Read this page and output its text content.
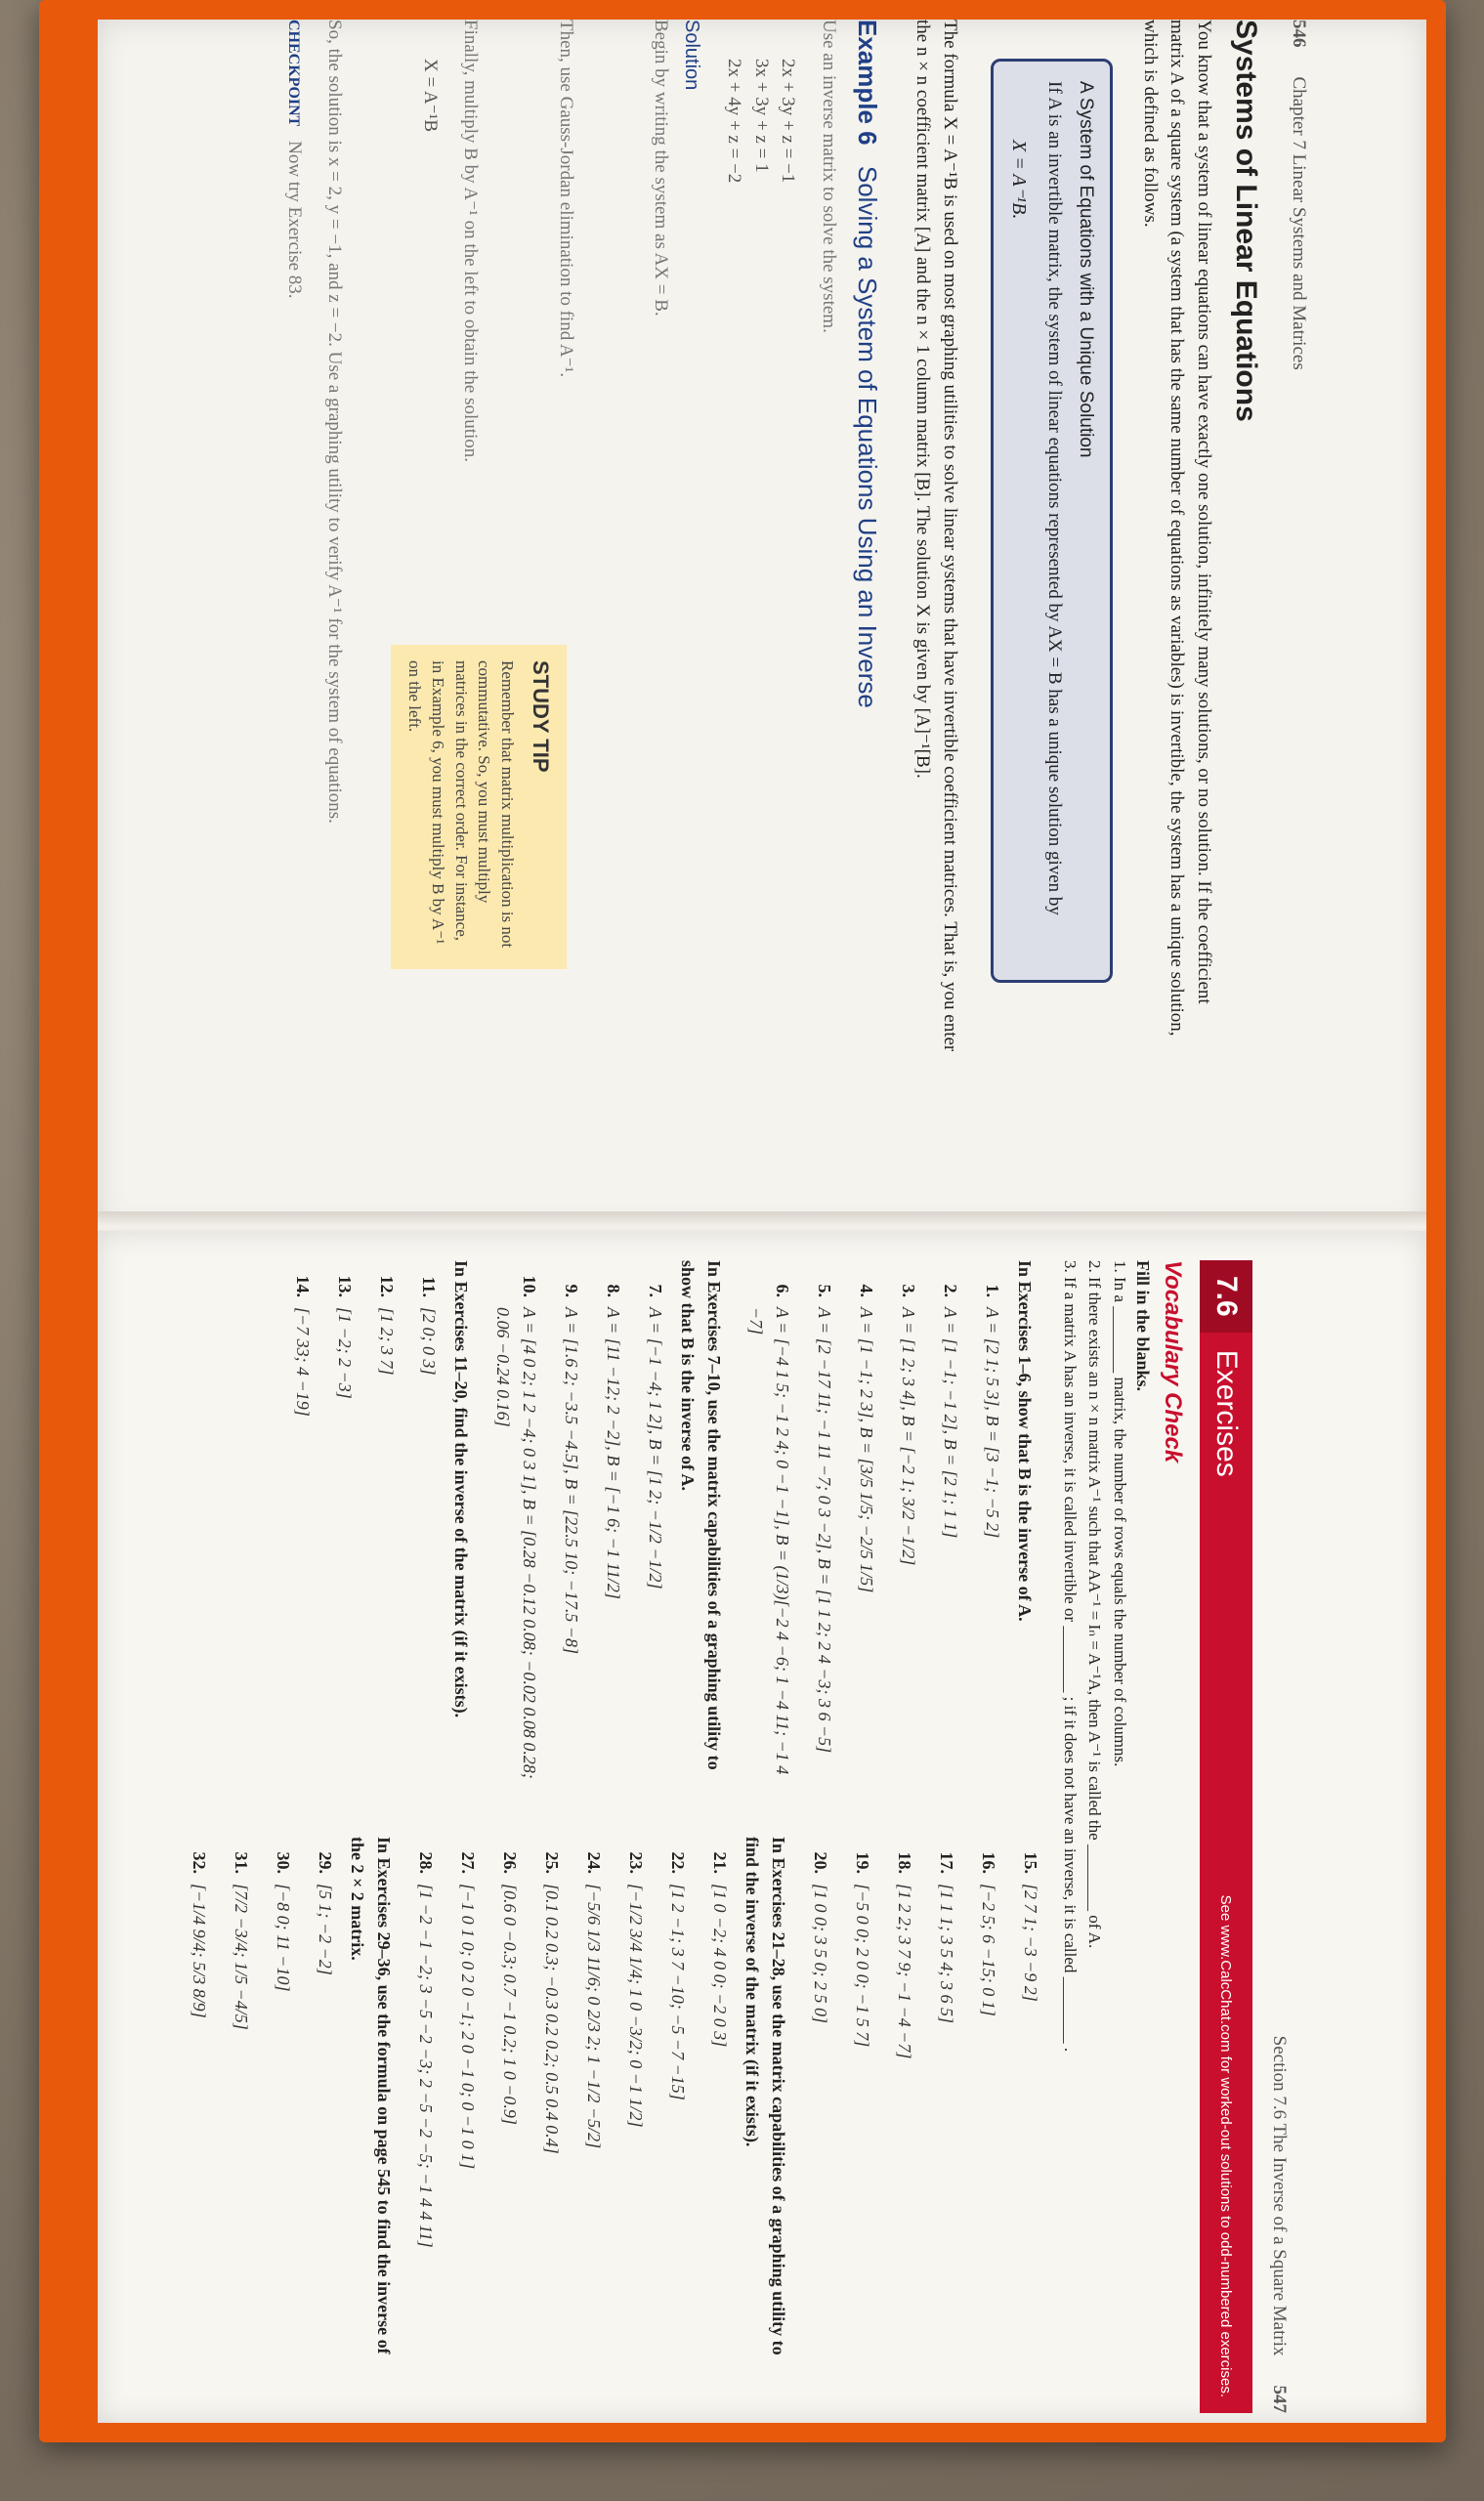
546
Chapter 7 Linear Systems and Matrices
Systems of Linear Equations

You know that a system of linear equations can have exactly one solution, infinitely many solutions, or no solution. If the coefficient matrix A of a square system (a system that has the same number of equations as variables) is invertible, the system has a unique solution, which is defined as follows.

A System of Equations with a Unique Solution
If A is an invertible matrix, the system of linear equations represented by AX = B has a unique solution given by
X = A⁻¹B.

The formula X = A⁻¹B is used on most graphing utilities to solve linear systems that have invertible coefficient matrices. That is, you enter the n × n coefficient matrix [A] and the n × 1 column matrix [B]. The solution X is given by [A]⁻¹[B].

Example 6 Solving a System of Equations Using an Inverse

Use an inverse matrix to solve the system.

2x + 3y + z = −1
3x + 3y + z = 1
2x + 4y + z = −2
Solution

Begin by writing the system as AX = B.

Then, use Gauss-Jordan elimination to find A⁻¹.

Finally, multiply B by A⁻¹ on the left to obtain the solution.

X = A⁻¹B

So, the solution is x = 2, y = −1, and z = −2. Use a graphing utility to verify A⁻¹ for the system of equations.

CHECKPOINT Now try Exercise 83.

STUDY TIP
Remember that matrix multiplication is not commutative. So, you must multiply matrices in the correct order. For instance, in Example 6, you must multiply B by A⁻¹ on the left.
Section 7.6 The Inverse of a Square Matrix
547
7.6
Exercises
See www.CalcChat.com for worked-out solutions to odd-numbered exercises.
Vocabulary Check
Fill in the blanks.
1. In a ________ matrix, the number of rows equals the number of columns.
2. If there exists an n × n matrix A⁻¹ such that AA⁻¹ = Iₙ = A⁻¹A, then A⁻¹ is called the ________ of A.
3. If a matrix A has an inverse, it is called invertible or ________ ; if it does not have an inverse, it is called ________ .
In Exercises 1–6, show that B is the inverse of A.
1.
A = [2 1; 5 3], B = [3 −1; −5 2]
2.
A = [1 −1; −1 2], B = [2 1; 1 1]
3.
A = [1 2; 3 4], B = [−2 1; 3/2 −1/2]
4.
A = [1 −1; 2 3], B = [3/5 1/5; −2/5 1/5]
5.
A = [2 −17 11; −1 11 −7; 0 3 −2], B = [1 1 2; 2 4 −3; 3 6 −5]
6.
A = [−4 1 5; −1 2 4; 0 −1 −1], B = (1/3)[−2 4 −6; 1 −4 11; −1 4 −7]
In Exercises 7–10, use the matrix capabilities of a graphing utility to show that B is the inverse of A.
7.
A = [−1 −4; 1 2], B = [1 2; −1/2 −1/2]
8.
A = [11 −12; 2 −2], B = [−1 6; −1 11/2]
9.
A = [1.6 2; −3.5 −4.5], B = [22.5 10; −17.5 −8]
10.
A = [4 0 2; 1 2 −4; 0 3 1], B = [0.28 −0.12 0.08; −0.02 0.08 0.28; 0.06 −0.24 0.16]
In Exercises 11–20, find the inverse of the matrix (if it exists).
11.
[2 0; 0 3]
12.
[1 2; 3 7]
13.
[1 −2; 2 −3]
14.
[−7 33; 4 −19]
15.
[2 7 1; −3 −9 2]
16.
[−2 5; 6 −15; 0 1]
17.
[1 1 1; 3 5 4; 3 6 5]
18.
[1 2 2; 3 7 9; −1 −4 −7]
19.
[−5 0 0; 2 0 0; −1 5 7]
20.
[1 0 0; 3 5 0; 2 5 0]
In Exercises 21–28, use the matrix capabilities of a graphing utility to find the inverse of the matrix (if it exists).
21.
[1 0 −2; 4 0 0; −2 0 3]
22.
[1 2 −1; 3 7 −10; −5 −7 −15]
23.
[−1/2 3/4 1/4; 1 0 −3/2; 0 −1 1/2]
24.
[−5/6 1/3 11/6; 0 2/3 2; 1 −1/2 −5/2]
25.
[0.1 0.2 0.3; −0.3 0.2 0.2; 0.5 0.4 0.4]
26.
[0.6 0 −0.3; 0.7 −1 0.2; 1 0 −0.9]
27.
[−1 0 1 0; 0 2 0 −1; 2 0 −1 0; 0 −1 0 1]
28.
[1 −2 −1 −2; 3 −5 −2 −3; 2 −5 −2 −5; −1 4 4 11]
In Exercises 29–36, use the formula on page 545 to find the inverse of the 2 × 2 matrix.
29.
[5 1; −2 −2]
30.
[−8 0; 11 −10]
31.
[7/2 −3/4; 1/5 −4/5]
32.
[−1/4 9/4; 5/3 8/9]
